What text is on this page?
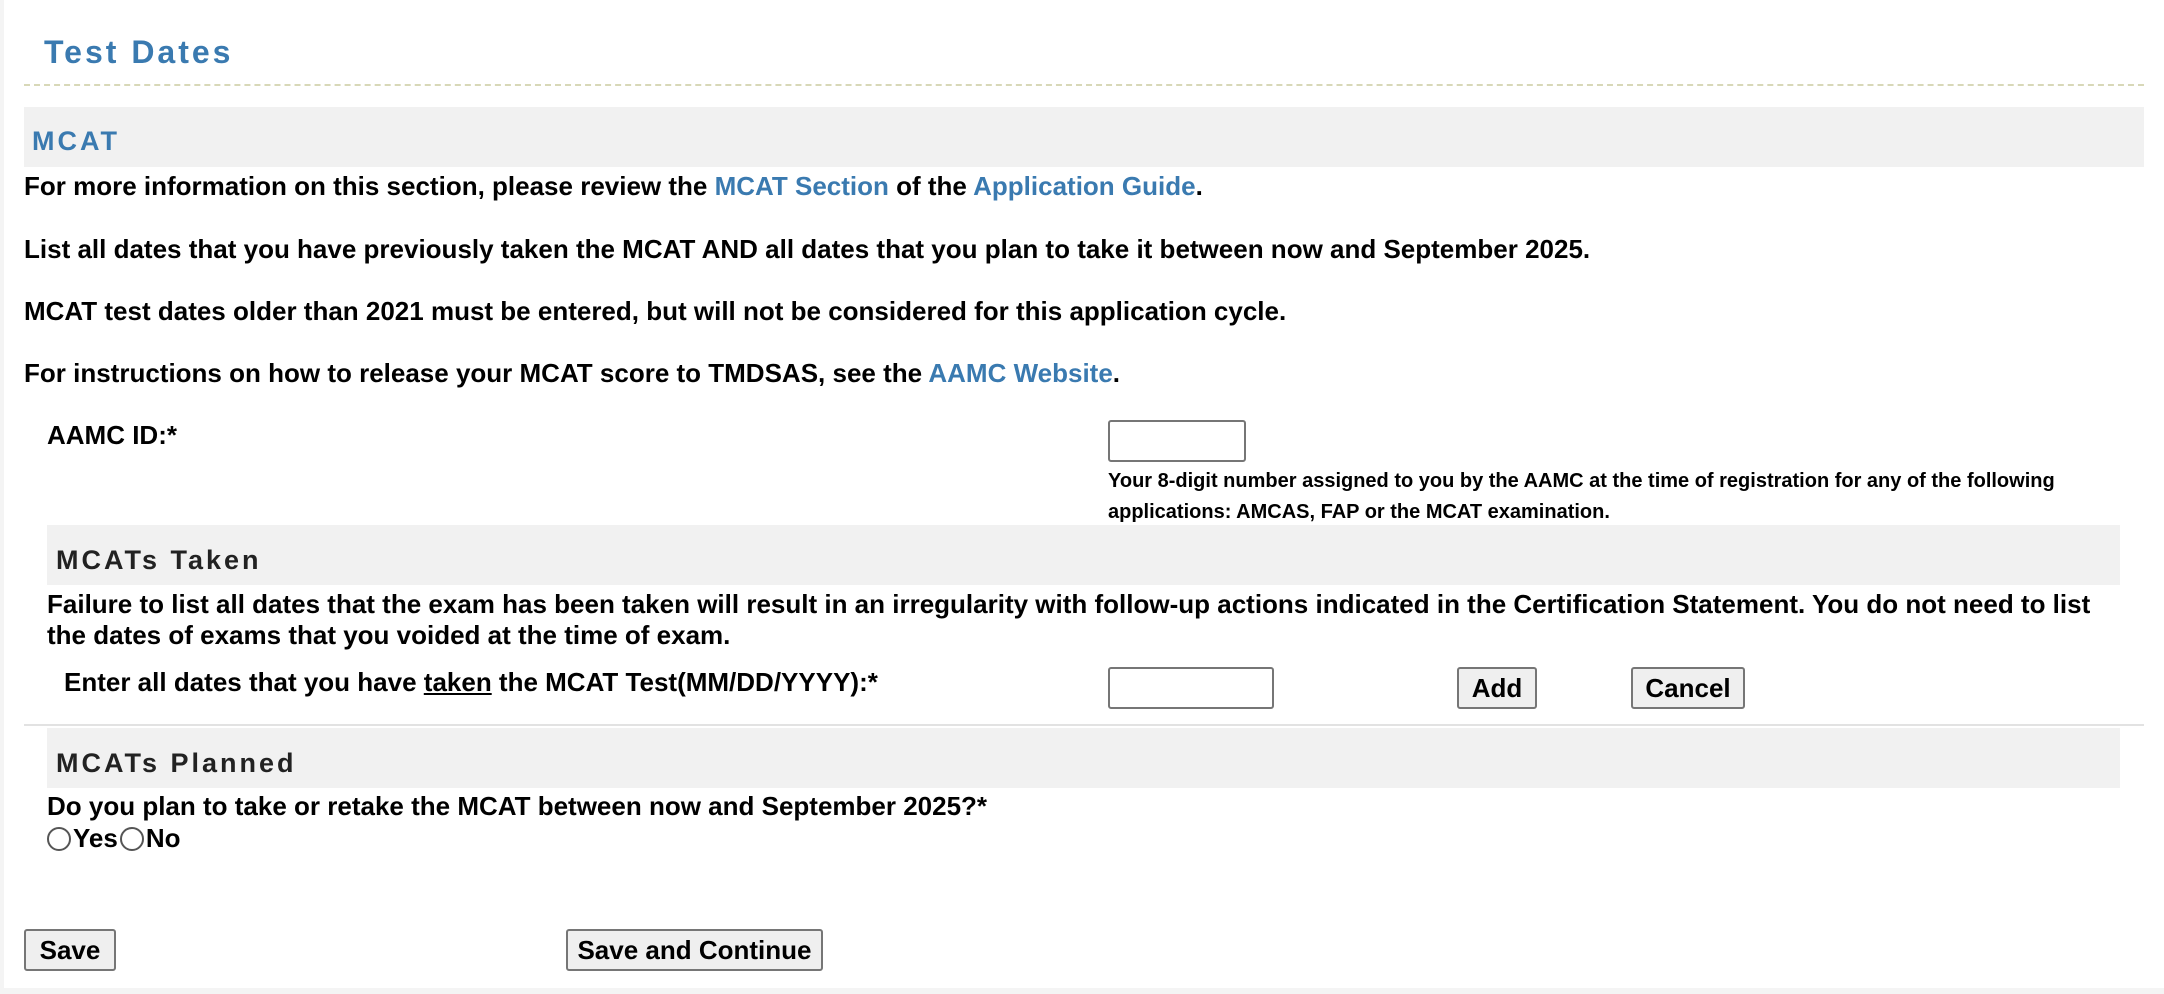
Test Dates
MCAT
For more information on this section, please review the MCAT Section of the Application Guide.
List all dates that you have previously taken the MCAT AND all dates that you plan to take it between now and September 2025.
MCAT test dates older than 2021 must be entered, but will not be considered for this application cycle.
For instructions on how to release your MCAT score to TMDSAS, see the AAMC Website.
AAMC ID:*
Your 8-digit number assigned to you by the AAMC at the time of registration for any of the following applications: AMCAS, FAP or the MCAT examination.
MCATs Taken
Failure to list all dates that the exam has been taken will result in an irregularity with follow-up actions indicated in the Certification Statement. You do not need to list the dates of exams that you voided at the time of exam.
Enter all dates that you have taken the MCAT Test(MM/DD/YYYY):*	Add	Cancel
MCATs Planned
Do you plan to take or retake the MCAT between now and September 2025?*
Yes No
Save	Save and Continue
